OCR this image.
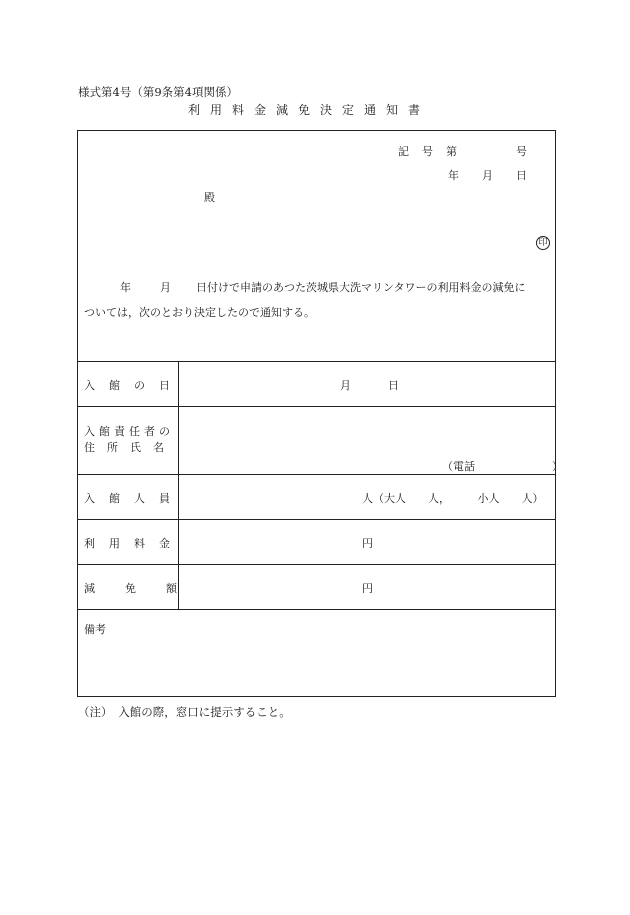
様式第4号（第9条第4項関係）
利用料金減免決定通知書
記 号 第	号
年 月 日
殿
印
年	月 日付けで申請のあつた茨城県大洗マリンタワーの利用料金の減免に
ついては，次のとおり決定したので通知する。
入館の日	月	日
入館責任者の
住所氏名
（電話　　　　　　　）
入館人員	人（大人　　人，　　　小人　　人）
利用料金	円
減免額	円
備考
（注）　入館の際，窓口に提示すること。
